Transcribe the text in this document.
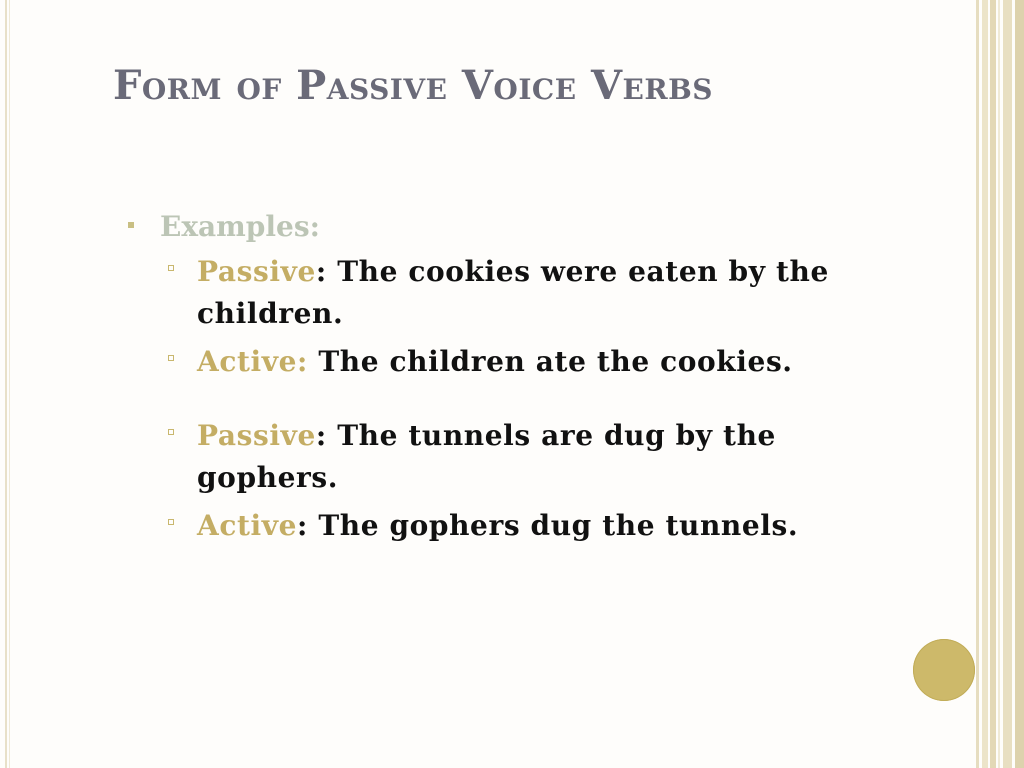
Form of Passive Voice Verbs
Examples:
Passive: The cookies were eaten by the children.
Active: The children ate the cookies.
Passive: The tunnels are dug by the gophers.
Active: The gophers dug the tunnels.
